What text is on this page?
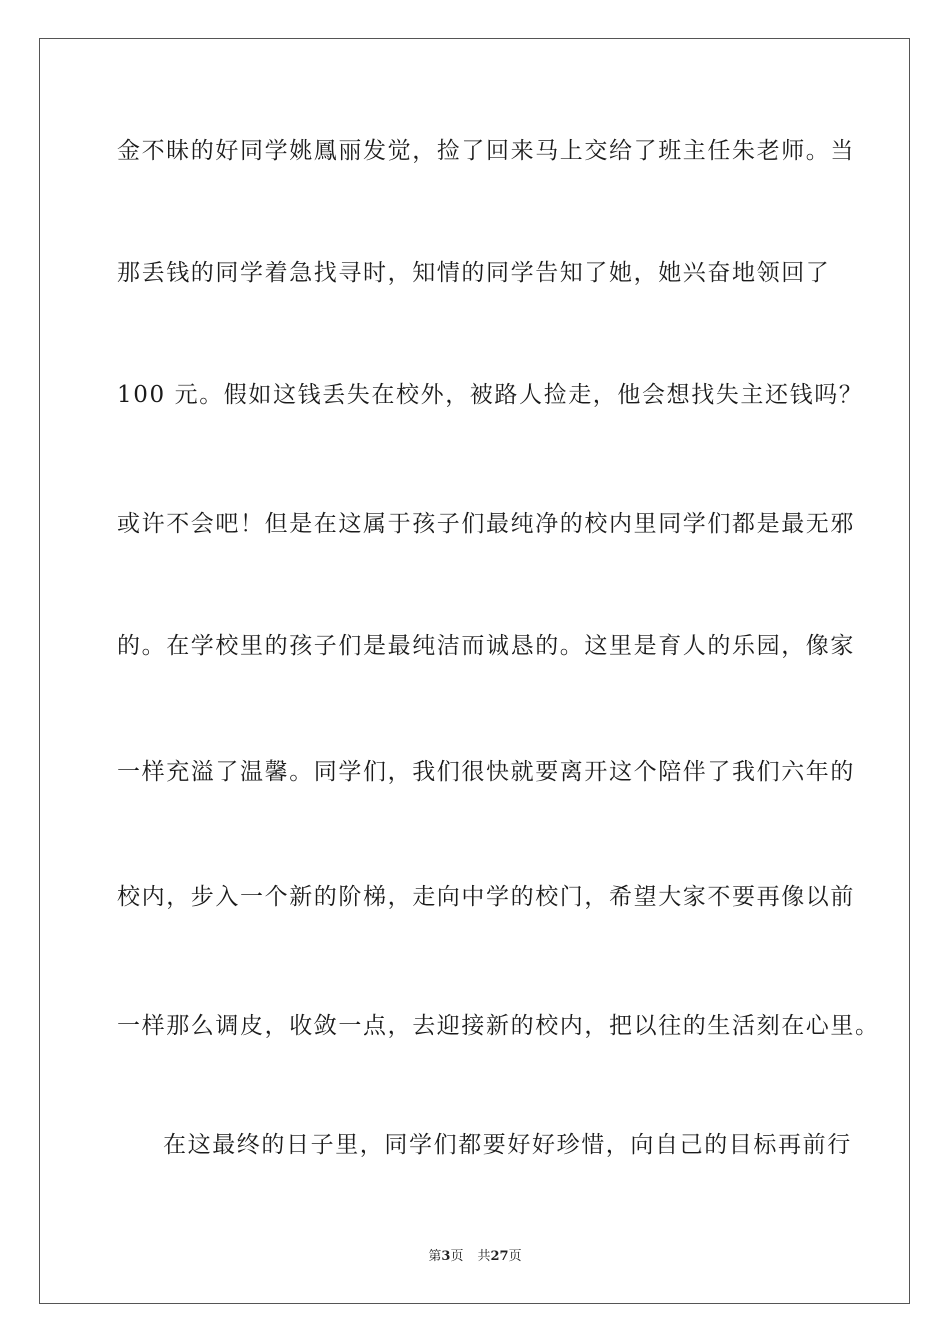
金不昧的好同学姚鳳丽发觉，捡了回来马上交给了班主任朱老师。当
那丢钱的同学着急找寻时，知情的同学告知了她，她兴奋地领回了
100 元。假如这钱丢失在校外，被路人捡走，他会想找失主还钱吗？
或许不会吧！但是在这属于孩子们最纯净的校内里同学们都是最无邪
的。在学校里的孩子们是最纯洁而诚恳的。这里是育人的乐园，像家
一样充溢了温馨。同学们，我们很快就要离开这个陪伴了我们六年的
校内，步入一个新的阶梯，走向中学的校门，希望大家不要再像以前
一样那么调皮，收敛一点，去迎接新的校内，把以往的生活刻在心里。
在这最终的日子里，同学们都要好好珍惜，向自己的目标再前行
第3页 共27页
